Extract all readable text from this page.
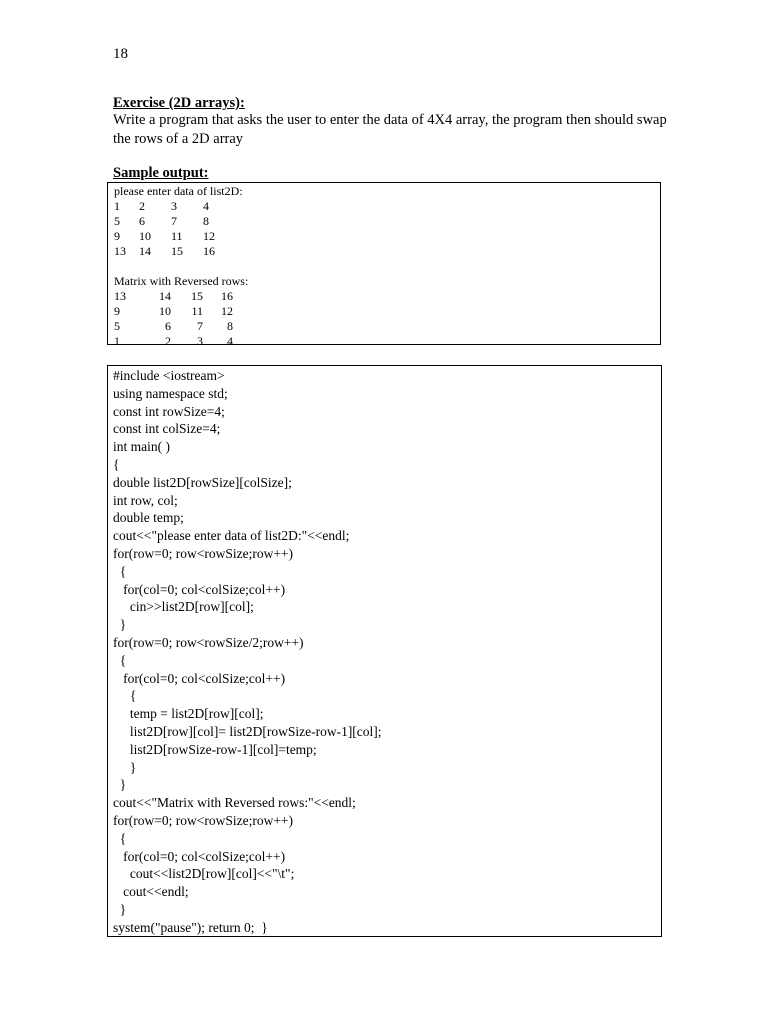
18
Exercise (2D arrays):
Write a program that asks the user to enter the data of 4X4 array, the program then should swap the rows of a 2D array
Sample output:
please enter data of list2D:
1	2	3	4
5	6	7	8
9	10	11	12
13	14	15	16
Matrix with Reversed rows:
13	14	15	16
9	10	11	12
5	6	7	8
1	2	3	4
#include <iostream>
using namespace std;
const int rowSize=4;
const int colSize=4;
int main( )
{
double list2D[rowSize][colSize];
int row, col;
double temp;
cout<<"please enter data of list2D:"<<endl;
for(row=0; row<rowSize;row++)
{
for(col=0; col<colSize;col++)
cin>>list2D[row][col];
}
for(row=0; row<rowSize/2;row++)
{
for(col=0; col<colSize;col++)
{
temp = list2D[row][col];
list2D[row][col]= list2D[rowSize-row-1][col];
list2D[rowSize-row-1][col]=temp;
}
}
cout<<"Matrix with Reversed rows:"<<endl;
for(row=0; row<rowSize;row++)
{
for(col=0; col<colSize;col++)
cout<<list2D[row][col]<<"\t";
cout<<endl;
}
system("pause"); return 0;  }
